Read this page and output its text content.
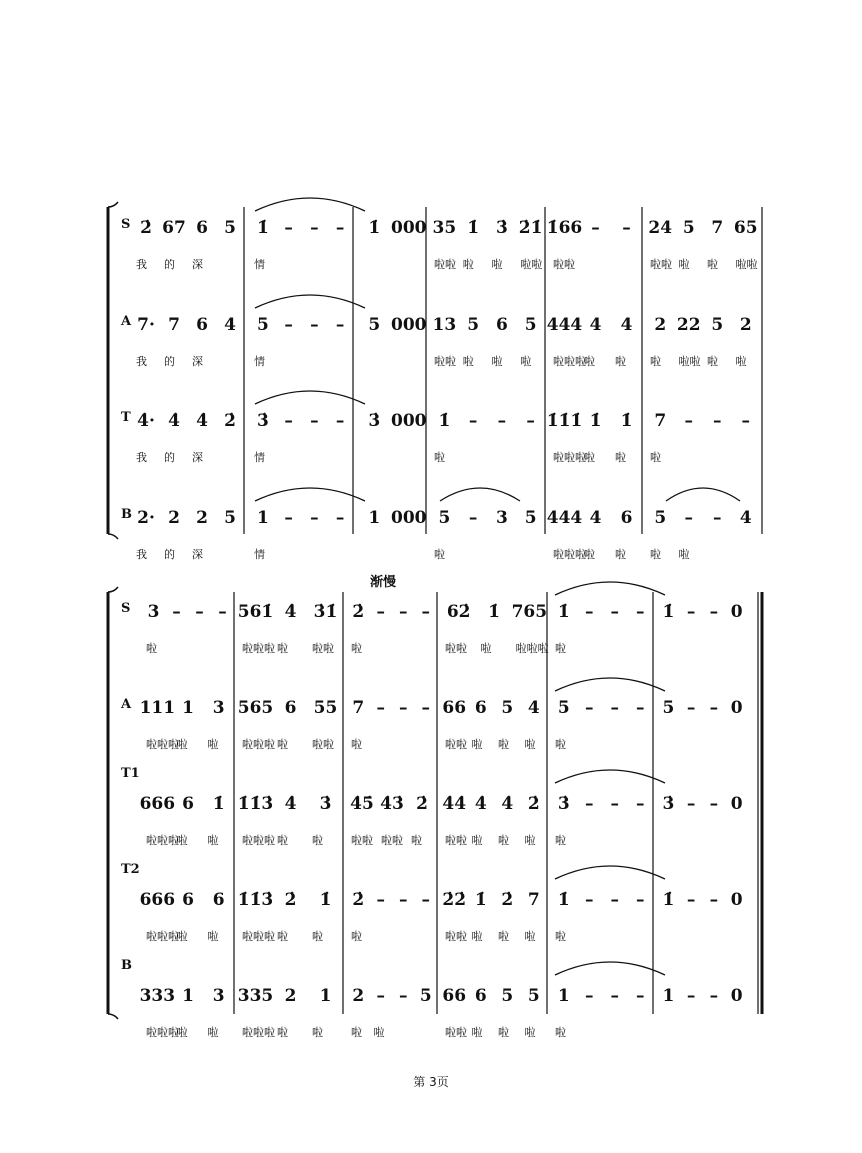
S 2̇ 67 6 5
我 的 深
1̇ – – –
情
1̇ 000 35 1̇ 3̇ 2̇1̇
啦啦 啦 啦 啦啦
1̇66 – –
啦啦
24 5 7 65
啦啦 啦 啦 啦啦
A 7· 7 6 4
我 的 深
5 – – –
情
5 000 13 5 6 5
啦啦 啦 啦 啦
444 4 4
啦啦啦
啦 啦
2 22 5 2
啦 啦啦 啦 啦
T 4̇· 4̇ 4̇ 2̇
我 的 深
3̇ – – –
情
3̇ 000 1̇ – – –
啦
1̇1̇1̇ 1̇ 1̇
啦啦啦
啦 啦
7 – – –
啦
B 2· 2 2 5
我 的 深
1 – – –
情
1 000 5 – 3 5
啦
444 4 6
啦啦啦
啦 啦
5 – – 4
啦 啦
渐慢
S 3 – – –
啦
561̇ 4̇ 3̇1̇
啦啦啦 啦 啦啦
2̇ – – –
啦
62̇ 1̇ 765
啦啦 啦 啦啦啦
1̇ – – –
啦
1̇ – – 0
A 111 1 3
啦啦啦
啦 啦
565 6 55
啦啦啦 啦 啦啦
7 – – –
啦
66 6 5 4
啦啦 啦 啦 啦
5 – – –
啦
5 – – 0
T1
666 6 1̇
啦啦啦
啦 啦
1̇1̇3̇ 4̇ 3̇
啦啦啦 啦 啦
4̇5̇ 4̇3̇ 2̇
啦啦 啦啦 啦
4̇4̇ 4̇ 4̇ 2̇
啦啦 啦 啦 啦
3̇ – – –
啦
3̇ – – 0
T2
666 6 6
啦啦啦
啦 啦
1̇1̇3̇ 2̇ 1̇
啦啦啦 啦 啦
2̇ – – –
啦
2̇2̇ 1̇ 2̇ 7
啦啦 啦 啦 啦
1̇ – – –
啦
1̇ – – 0
B
333 1 3
啦啦啦
啦 啦
335 2 1
啦啦啦 啦 啦
2 – – 5
啦 啦
66 6 5 5
啦啦 啦 啦 啦
1 – – –
啦
1 – – 0
第 3页
